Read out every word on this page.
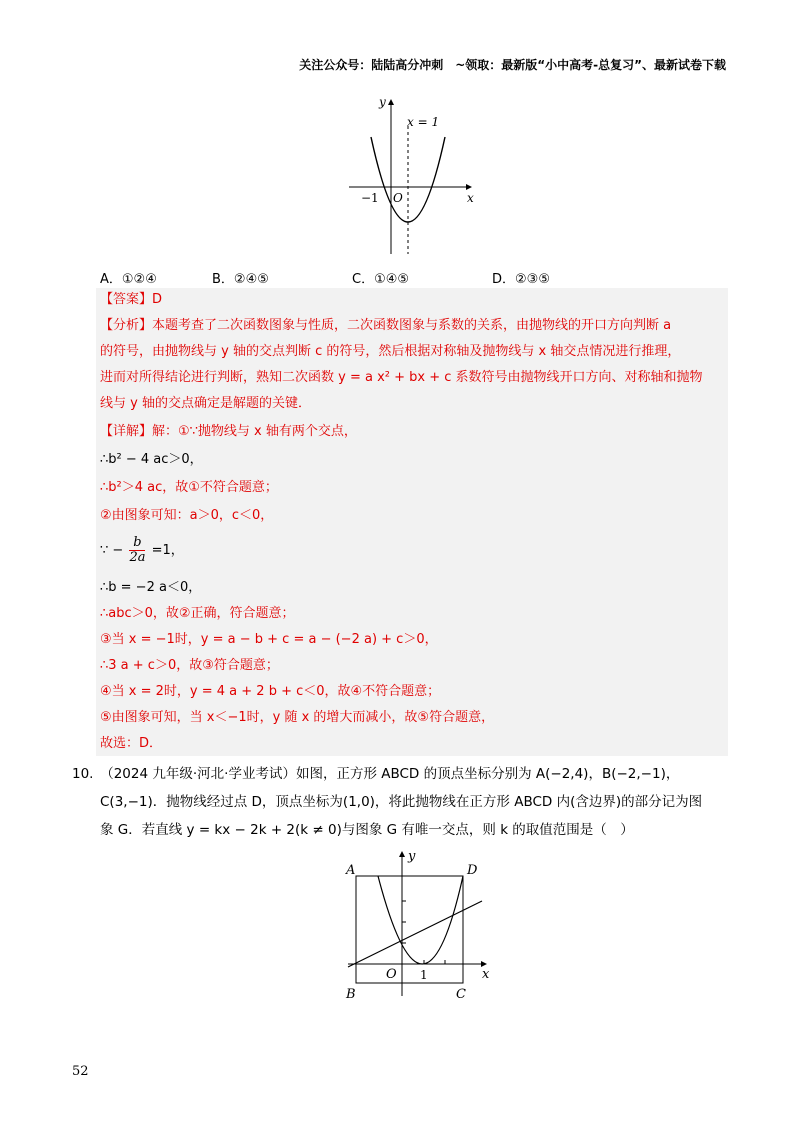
关注公众号：陆陆高分冲刺　~领取：最新版“小中高考-总复习”、最新试卷下载
y
x
O
−1
x = 1
A．①②④	B．②④⑤	C．①④⑤	D．②③⑤
【答案】D
【分析】本题考查了二次函数图象与性质，二次函数图象与系数的关系，由抛物线的开口方向判断 a
的符号，由抛物线与 y 轴的交点判断 c 的符号，然后根据对称轴及抛物线与 x 轴交点情况进行推理，
进而对所得结论进行判断，熟知二次函数 y = a x² + bx + c 系数符号由抛物线开口方向、对称轴和抛物
线与 y 轴的交点确定是解题的关键．
【详解】解：①∵抛物线与 x 轴有两个交点，
∴b² − 4 ac＞0，
∴b²＞4 ac，故①不符合题意；
②由图象可知：a＞0，c＜0，
∵ − $\frac{b}{2a} =1$，
∴b = −2 a＜0，
∴abc＞0，故②正确，符合题意；
③当 x = −1时，y = a − b + c = a − (−2 a) + c＞0，
∴3 a + c＞0，故③符合题意；
④当 x = 2时，y = 4 a + 2 b + c＜0，故④不符合题意；
⑤由图象可知，当 x＜−1时，y 随 x 的增大而减小，故⑤符合题意，
故选：D．
10.　（2024 九年级·河北·学业考试）如图，正方形 ABCD 的顶点坐标分别为 A(−2,4)，B(−2,−1)，
C(3,−1)．抛物线经过点 D，顶点坐标为(1,0)，将此抛物线在正方形 ABCD 内(含边界)的部分记为图
象 G．若直线 y = kx − 2k + 2(k ≠ 0)与图象 G 有唯一交点，则 k 的取值范围是（　）
A	D
B	C
O 1	x
y
52
